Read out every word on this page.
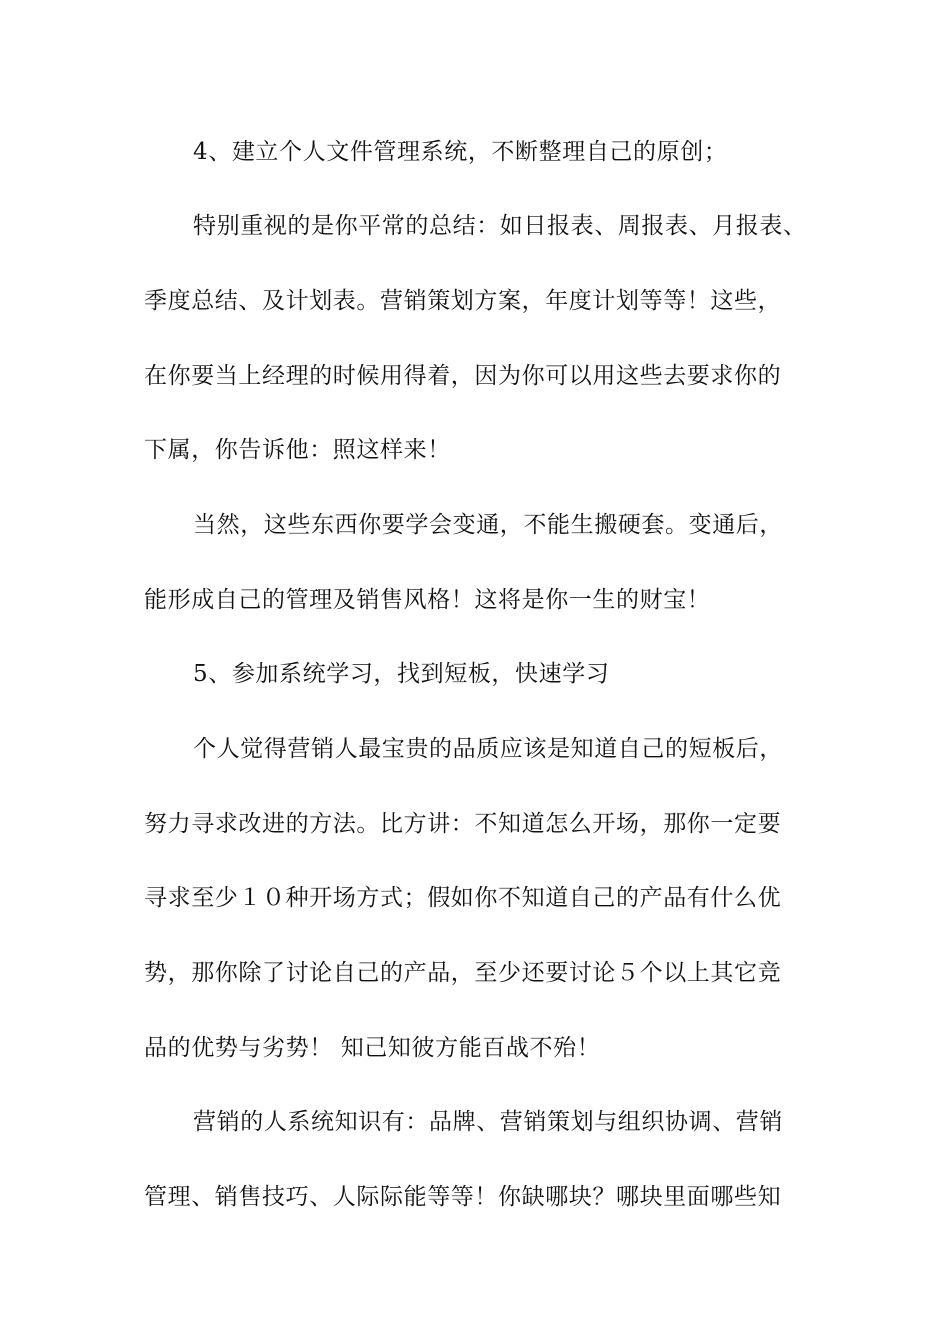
4、建立个人文件管理系统，不断整理自己的原创；
特别重视的是你平常的总结：如日报表、周报表、月报表、
季度总结、及计划表。营销策划方案，年度计划等等！这些，
在你要当上经理的时候用得着，因为你可以用这些去要求你的
下属，你告诉他：照这样来！
当然，这些东西你要学会变通，不能生搬硬套。变通后，
能形成自己的管理及销售风格！这将是你一生的财宝！
5、参加系统学习，找到短板，快速学习
个人觉得营销人最宝贵的品质应该是知道自己的短板后，
努力寻求改进的方法。比方讲：不知道怎么开场，那你一定要
寻求至少１０种开场方式；假如你不知道自己的产品有什么优
势，那你除了讨论自己的产品，至少还要讨论５个以上其它竞
品的优势与劣势！ 知己知彼方能百战不殆！
营销的人系统知识有：品牌、营销策划与组织协调、营销
管理、销售技巧、人际际能等等！你缺哪块？哪块里面哪些知
